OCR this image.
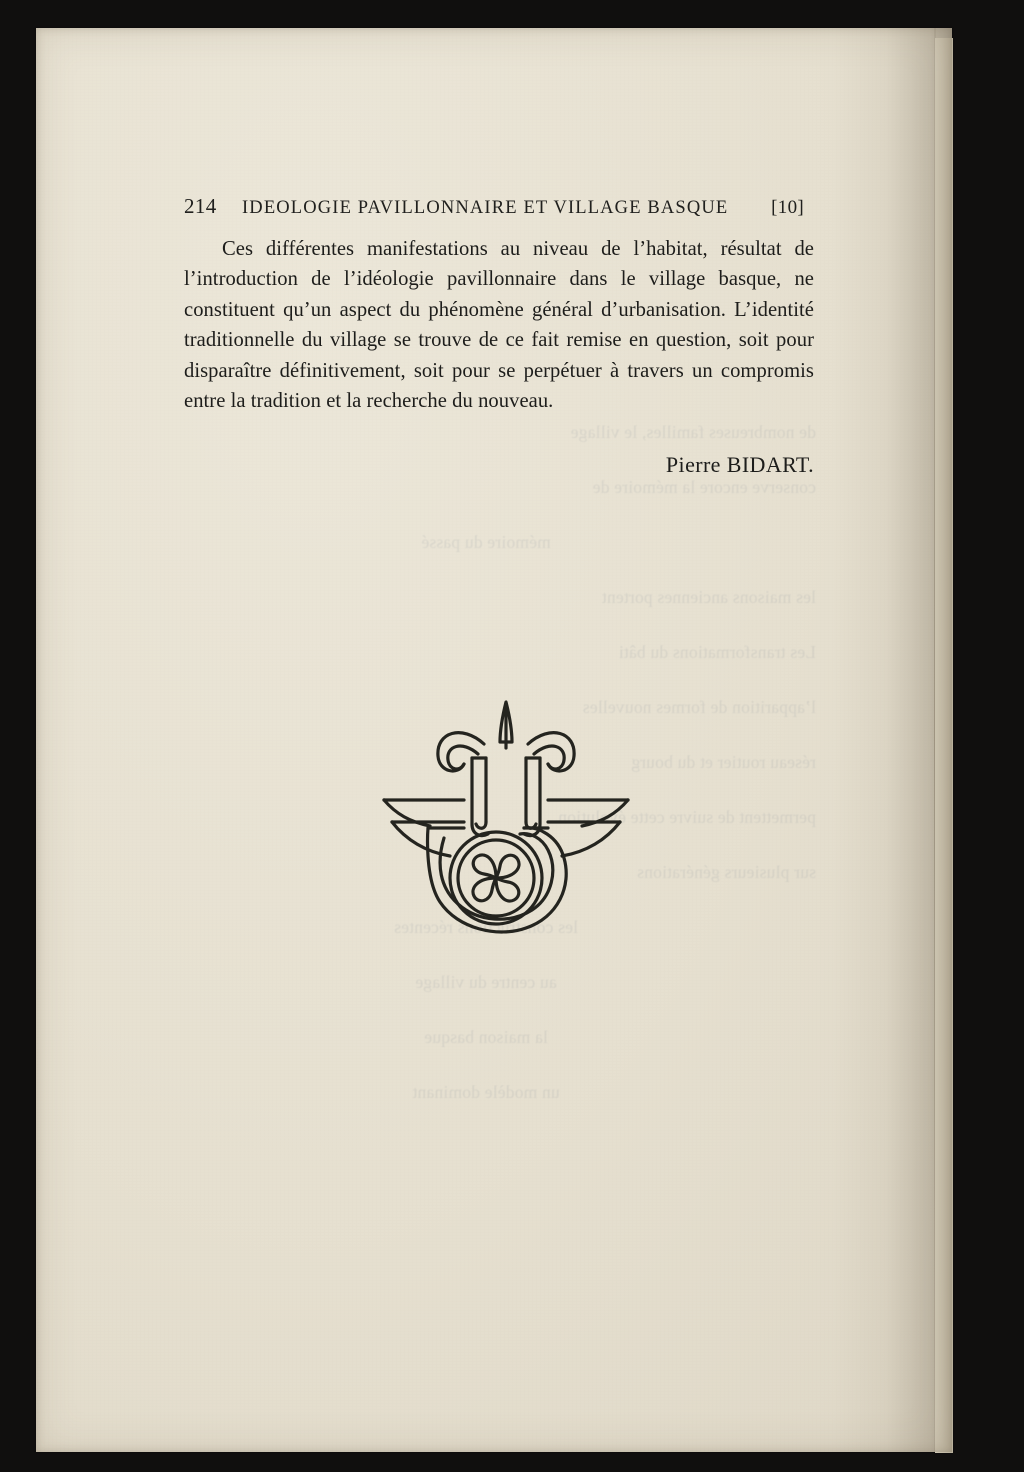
de nombreuses familles, le village

conserve encore la mémoire de

mémoire du passé

les maisons anciennes portent

Les transformations du bâti

l’apparition de formes nouvelles

réseau routier et du bourg

permettent de suivre cette évolution

sur plusieurs générations

les constructions récentes

au centre du village

la maison basque

un modèle dominant

214	IDEOLOGIE PAVILLONNAIRE ET VILLAGE BASQUE	[10]

Ces différentes manifestations au niveau de l’habitat, résultat de l’introduction de l’idéologie pavillonnaire dans le village basque, ne constituent qu’un aspect du phénomène général d’urbanisation. L’identité traditionnelle du village se trouve de ce fait remise en question, soit pour disparaître définitivement, soit pour se perpétuer à travers un compromis entre la tradition et la recherche du nouveau.

Pierre BIDART.
